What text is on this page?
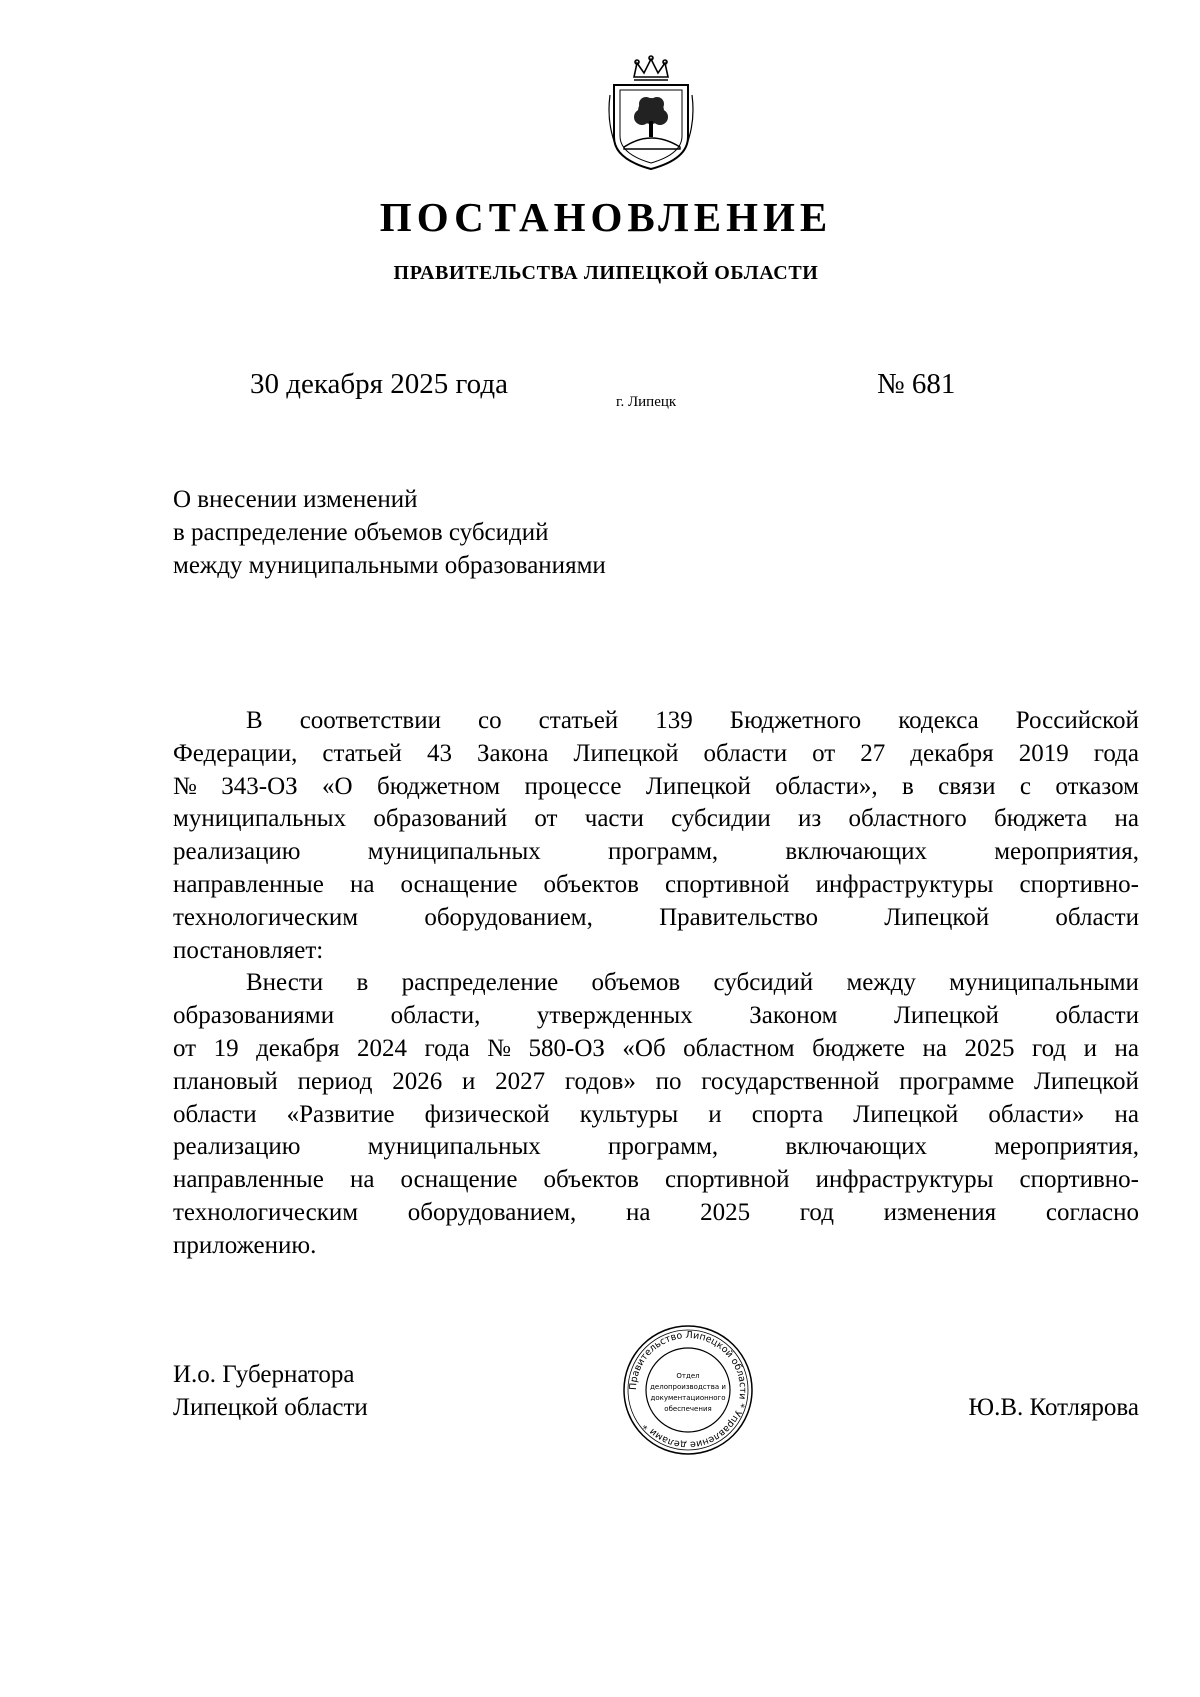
ПОСТАНОВЛЕНИЕ
ПРАВИТЕЛЬСТВА ЛИПЕЦКОЙ ОБЛАСТИ
30 декабря 2025 года
г. Липецк
№ 681
О внесении изменений
в распределение объемов субсидий
между муниципальными образованиями
В соответствии со статьей 139 Бюджетного кодекса Российской
Федерации, статьей 43 Закона Липецкой области от 27 декабря 2019 года
№ 343-ОЗ «О бюджетном процессе Липецкой области», в связи с отказом
муниципальных образований от части субсидии из областного бюджета на
реализацию	муниципальных	программ,	включающих	мероприятия,
направленные на оснащение объектов спортивной инфраструктуры спортивно-
технологическим	оборудованием,	Правительство	Липецкой	области
постановляет:
Внести в распределение объемов субсидий между муниципальными
образованиями области, утвержденных Законом Липецкой области
от 19 декабря 2024 года № 580-ОЗ «Об областном бюджете на 2025 год и на
плановый период 2026 и 2027 годов» по государственной программе Липецкой
области «Развитие физической культуры и спорта Липецкой области» на
реализацию	муниципальных	программ,	включающих	мероприятия,
направленные на оснащение объектов спортивной инфраструктуры спортивно-
технологическим оборудованием, на 2025 год изменения согласно
приложению.
И.о. Губернатора
Липецкой области
Правительство Липецкой области * Управление делами *
Отдел
делопроизводства и
документационного
обеспечения	Ю.В. Котлярова
